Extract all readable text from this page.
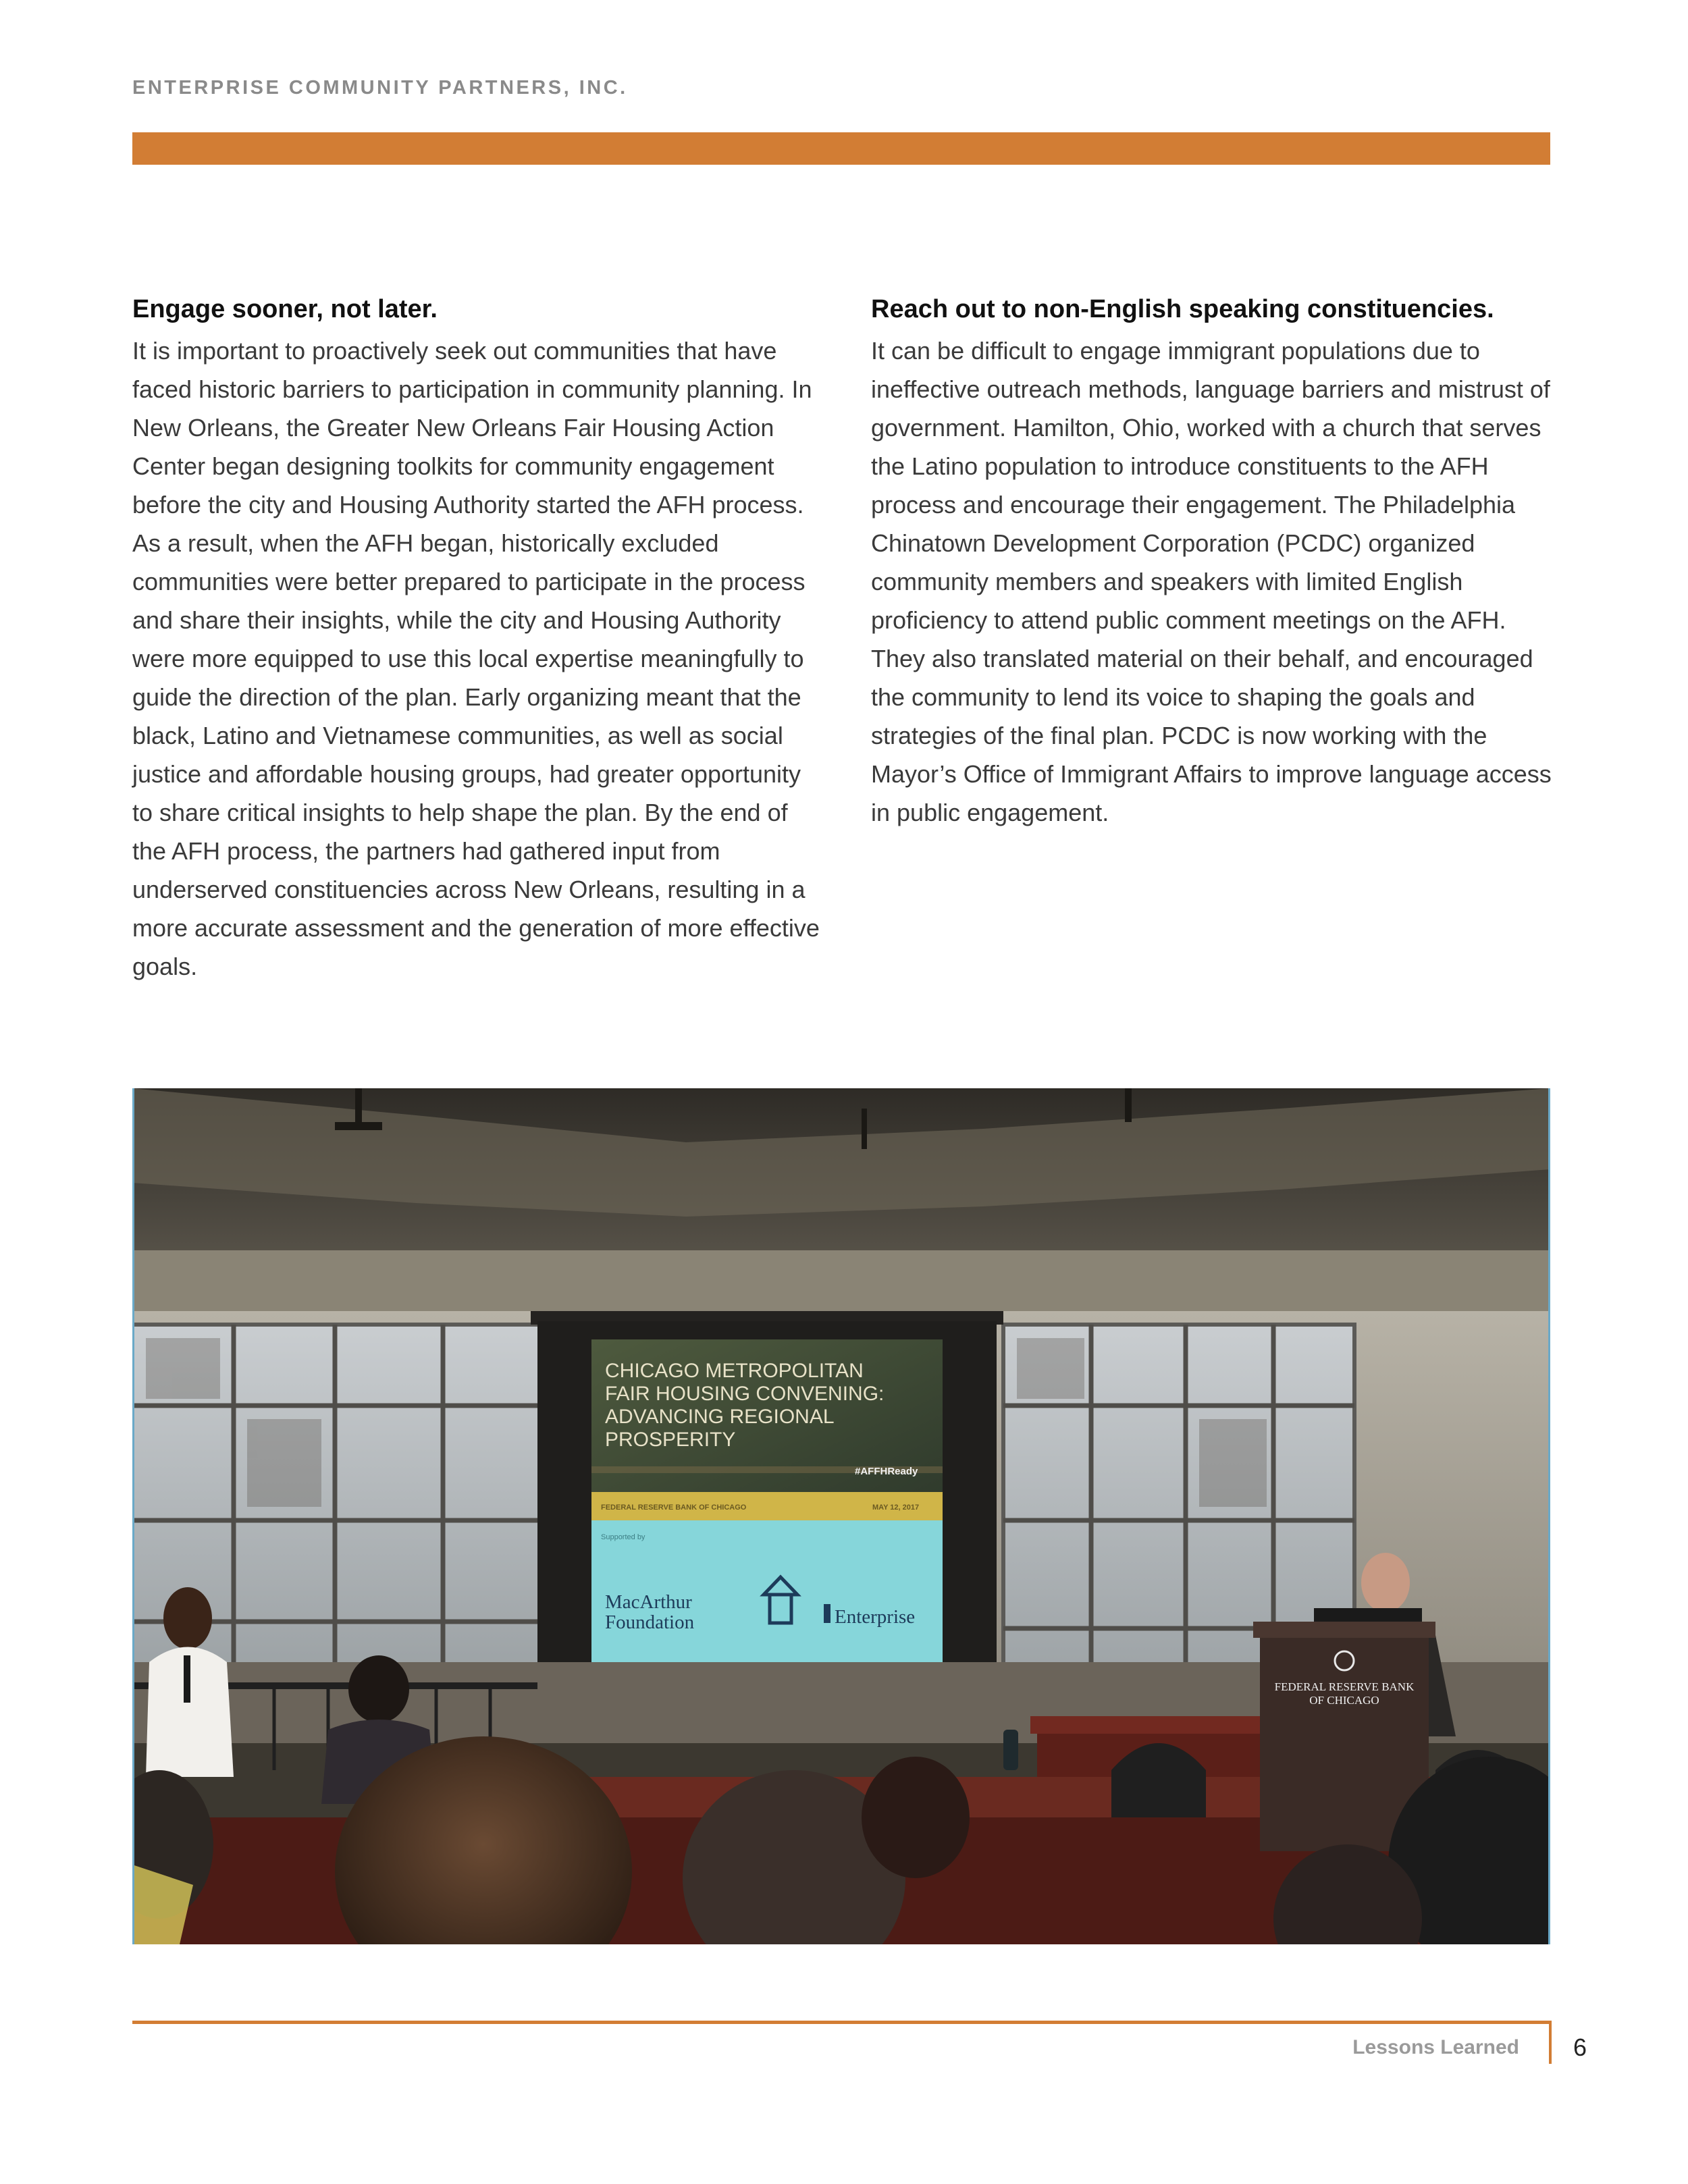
ENTERPRISE COMMUNITY PARTNERS, INC.
Engage sooner, not later.

It is important to proactively seek out communities that have faced historic barriers to participation in community planning. In New Orleans, the Greater New Orleans Fair Housing Action Center began designing toolkits for community engagement before the city and Housing Authority started the AFH process. As a result, when the AFH began, historically excluded communities were better prepared to participate in the process and share their insights, while the city and Housing Authority were more equipped to use this local expertise meaningfully to guide the direction of the plan. Early organizing meant that the black, Latino and Vietnamese communities, as well as social justice and affordable housing groups, had greater opportunity to share critical insights to help shape the plan. By the end of the AFH process, the partners had gathered input from underserved constituencies across New Orleans, resulting in a more accurate assessment and the generation of more effective goals.

Reach out to non-English speaking constituencies.

It can be difficult to engage immigrant populations due to ineffective outreach methods, language barriers and mistrust of government. Hamilton, Ohio, worked with a church that serves the Latino population to introduce constituents to the AFH process and encourage their engagement. The Philadelphia Chinatown Development Corporation (PCDC) organized community members and speakers with limited English proficiency to attend public comment meetings on the AFH. They also translated material on their behalf, and encouraged the community to lend its voice to shaping the goals and strategies of the final plan. PCDC is now working with the Mayor’s Office of Immigrant Affairs to improve language access in public engagement.

CHICAGO METROPOLITAN
FAIR HOUSING CONVENING:
ADVANCING REGIONAL
PROSPERITY
#AFFHReady
FEDERAL RESERVE BANK OF CHICAGO	MAY 12, 2017
Supported by
MacArthur
Foundation	Enterprise
FEDERAL RESERVE BANK
OF CHICAGO
Lessons Learned 6
